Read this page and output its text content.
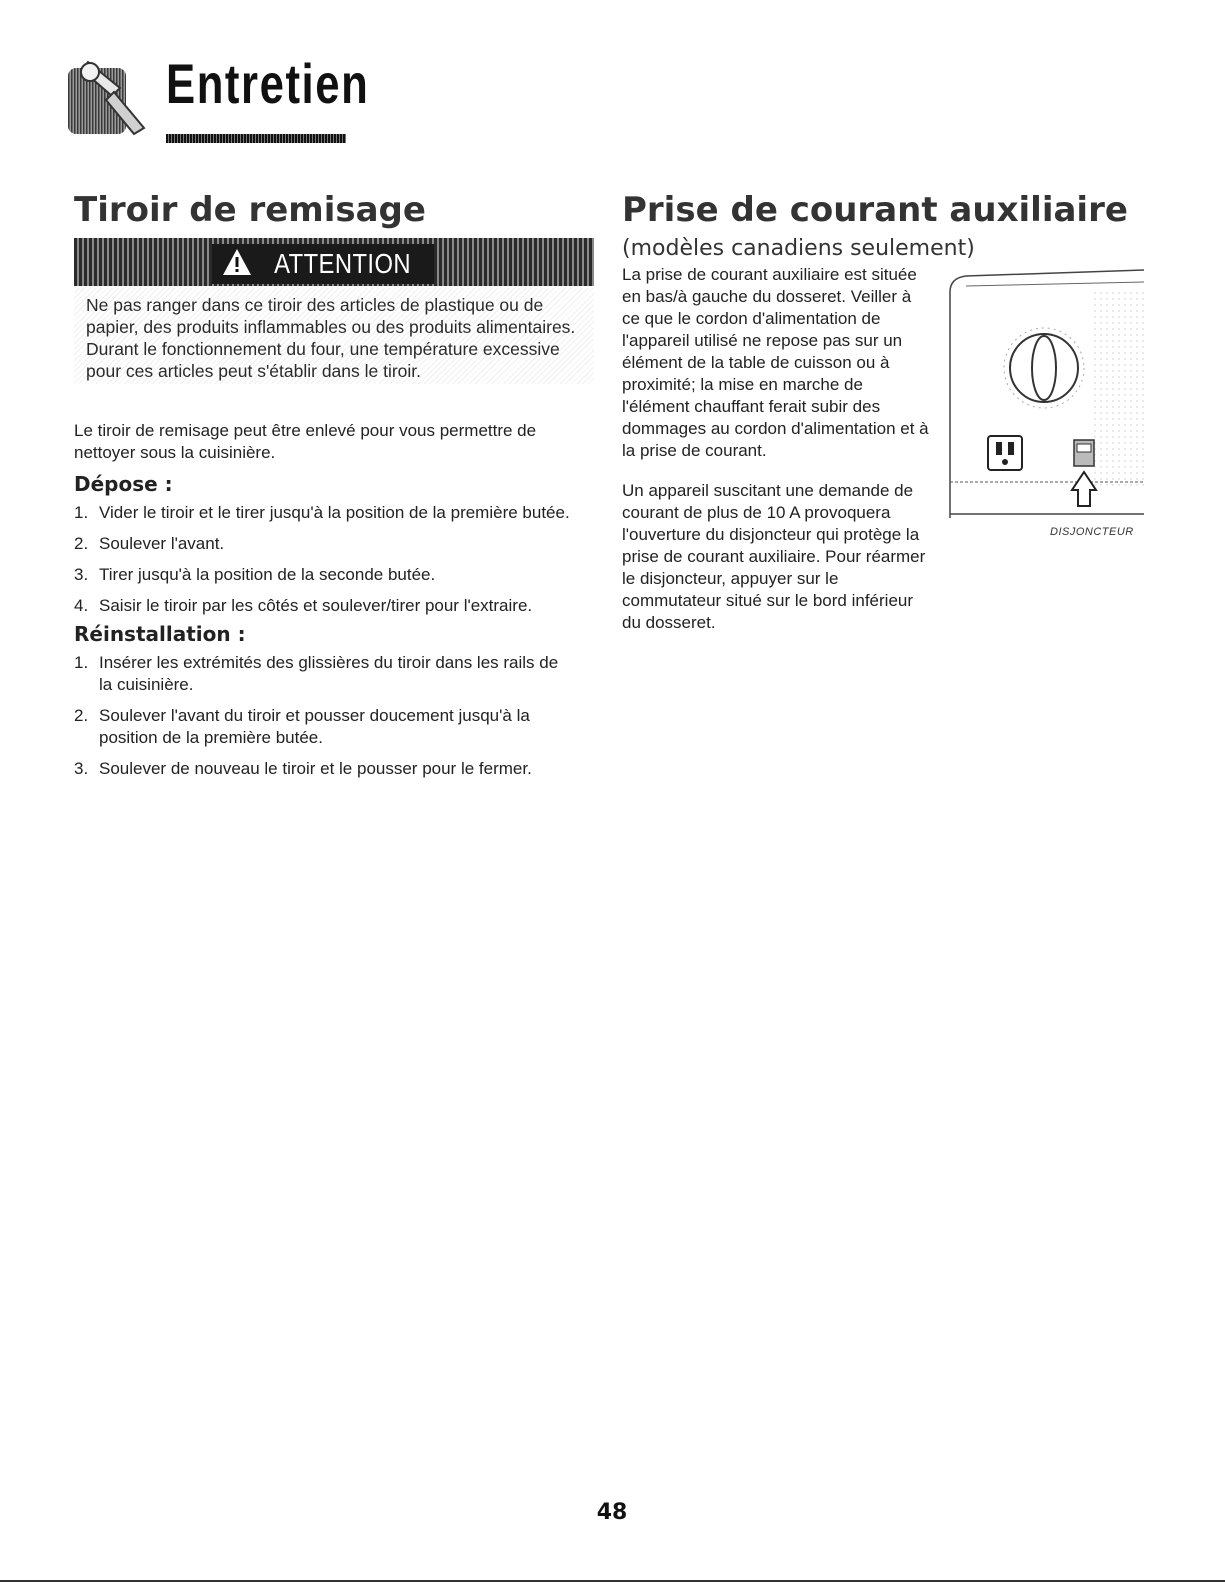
Entretien
Tiroir de remisage
ATTENTION
Ne pas ranger dans ce tiroir des articles de plastique ou de papier, des produits inflammables ou des produits alimentaires. Durant le fonctionnement du four, une température excessive pour ces articles peut s'établir dans le tiroir.
Le tiroir de remisage peut être enlevé pour vous permettre de nettoyer sous la cuisinière.
Dépose :
1. Vider le tiroir et le tirer jusqu'à la position de la première butée.
2. Soulever l'avant.
3. Tirer jusqu'à la position de la seconde butée.
4. Saisir le tiroir par les côtés et soulever/tirer pour l'extraire.
Réinstallation :
1. Insérer les extrémités des glissières du tiroir dans les rails de la cuisinière.
2. Soulever l'avant du tiroir et pousser doucement jusqu'à la position de la première butée.
3. Soulever de nouveau le tiroir et le pousser pour le fermer.
Prise de courant auxiliaire
(modèles canadiens seulement)
La prise de courant auxiliaire est située en bas/à gauche du dosseret. Veiller à ce que le cordon d'alimentation de l'appareil utilisé ne repose pas sur un élément de la table de cuisson ou à proximité; la mise en marche de l'élément chauffant ferait subir des dommages au cordon d'alimentation et à la prise de courant.
Un appareil suscitant une demande de courant de plus de 10 A provoquera l'ouverture du disjoncteur qui protège la prise de courant auxiliaire. Pour réarmer le disjoncteur, appuyer sur le commutateur situé sur le bord inférieur du dosseret.
DISJONCTEUR
48
